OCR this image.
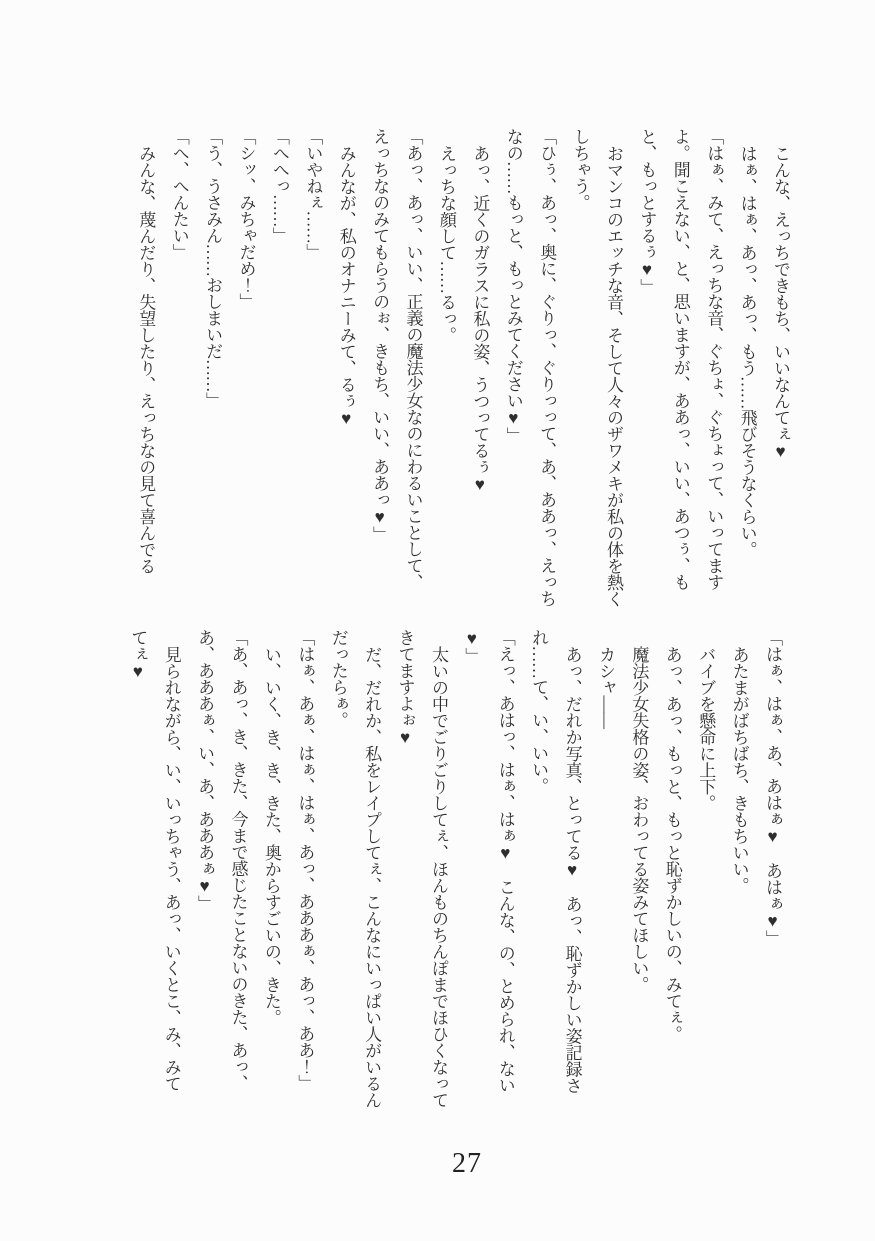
こんな、えっちできもち、いいなんてぇ♥

はぁ、はぁ、あっ、あっ、もう……飛びそうなくらい。

「はぁ、みて、えっちな音、ぐちょ、ぐちょって、いってます

よ。聞こえない、と、思いますが、ああっ、いい、あつぅ、も

と、もっとするぅ♥」

おマンコのエッチな音、そして人々のザワメキが私の体を熱く

しちゃう。

「ひぅ、あっ、奥に、ぐりっ、ぐりっって、あ、ああっ、えっち

なの……もっと、もっとみてください♥」

あっ、近くのガラスに私の姿、うつってるぅ♥

えっちな顔して……るっ。

「あっ、あっ、いい、正義の魔法少女なのにわるいことして、

えっちなのみてもらうのぉ、きもち、いい、ああっ♥」

みんなが、私のオナニーみて、るぅ♥

「いやねぇ……」

「へへっ……」

「シッ、みちゃだめ！」

「う、うさみん……おしまいだ……」

「へ、へんたい」

みんな、蔑んだり、失望したり、えっちなの見て喜んでる

「はぁ、はぁ、あ、あはぁ♥　あはぁ♥」

あたまがばちばち、きもちいい。

バイブを懸命に上下。

あっ、あっ、もっと、もっと恥ずかしいの、みてぇ。

魔法少女失格の姿、おわってる姿みてほしい。

カシャ――

あっ、だれか写真、とってる♥　あっ、恥ずかしい姿記録さ

れ……て、い、いい。

「えっ、あはっ、はぁ、はぁ♥　こんな、の、とめられ、ない

♥」

太いの中でごりごりしてぇ、ほんものちんぽまでほひくなって

きてますよぉ♥

だ、だれか、私をレイプしてぇ、こんなにいっぱい人がいるん

だったらぁ。

「はぁ、あぁ、はぁ、はぁ、あっ、あああぁ、あっ、ああ！」

い、いく、き、き、きた、奥からすごいの、きた。

「あ、あっ、き、きた、今まで感じたことないのきた、あっ、

あ、あああぁ、い、あ、あああぁ♥」

見られながら、い、いっちゃう、あっ、いくとこ、み、みて

てぇ♥

27
